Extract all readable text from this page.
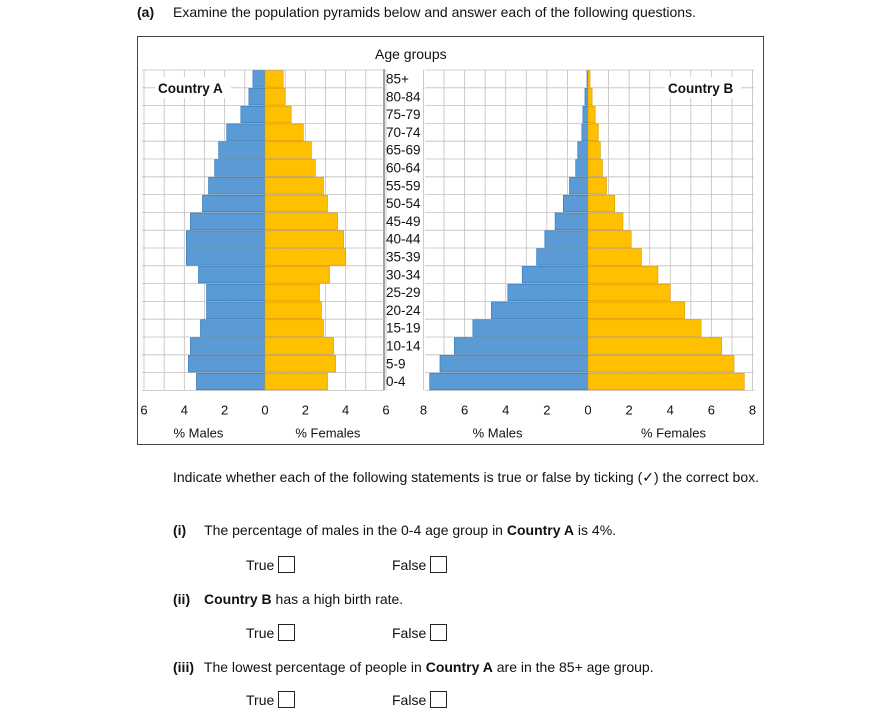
(a) Examine the population pyramids below and answer each of the following questions.
Age groups
85+
80-84
75-79
70-74
65-69
60-64
55-59
50-54
45-49
40-44
35-39
30-34
25-29
20-24
15-19
10-14
5-9
0-4
6	4	2	0	2	4	6
% Males	% Females
Country A
8	6	4	2	0	2	4	6	8
% Males	% Females
Country B
Indicate whether each of the following statements is true or false by ticking (✓) the correct box.
(i) The percentage of males in the 0-4 age group in Country A is 4%.
True	False
(ii) Country B has a high birth rate.
True	False
(iii) The lowest percentage of people in Country A are in the 85+ age group.
True	False
